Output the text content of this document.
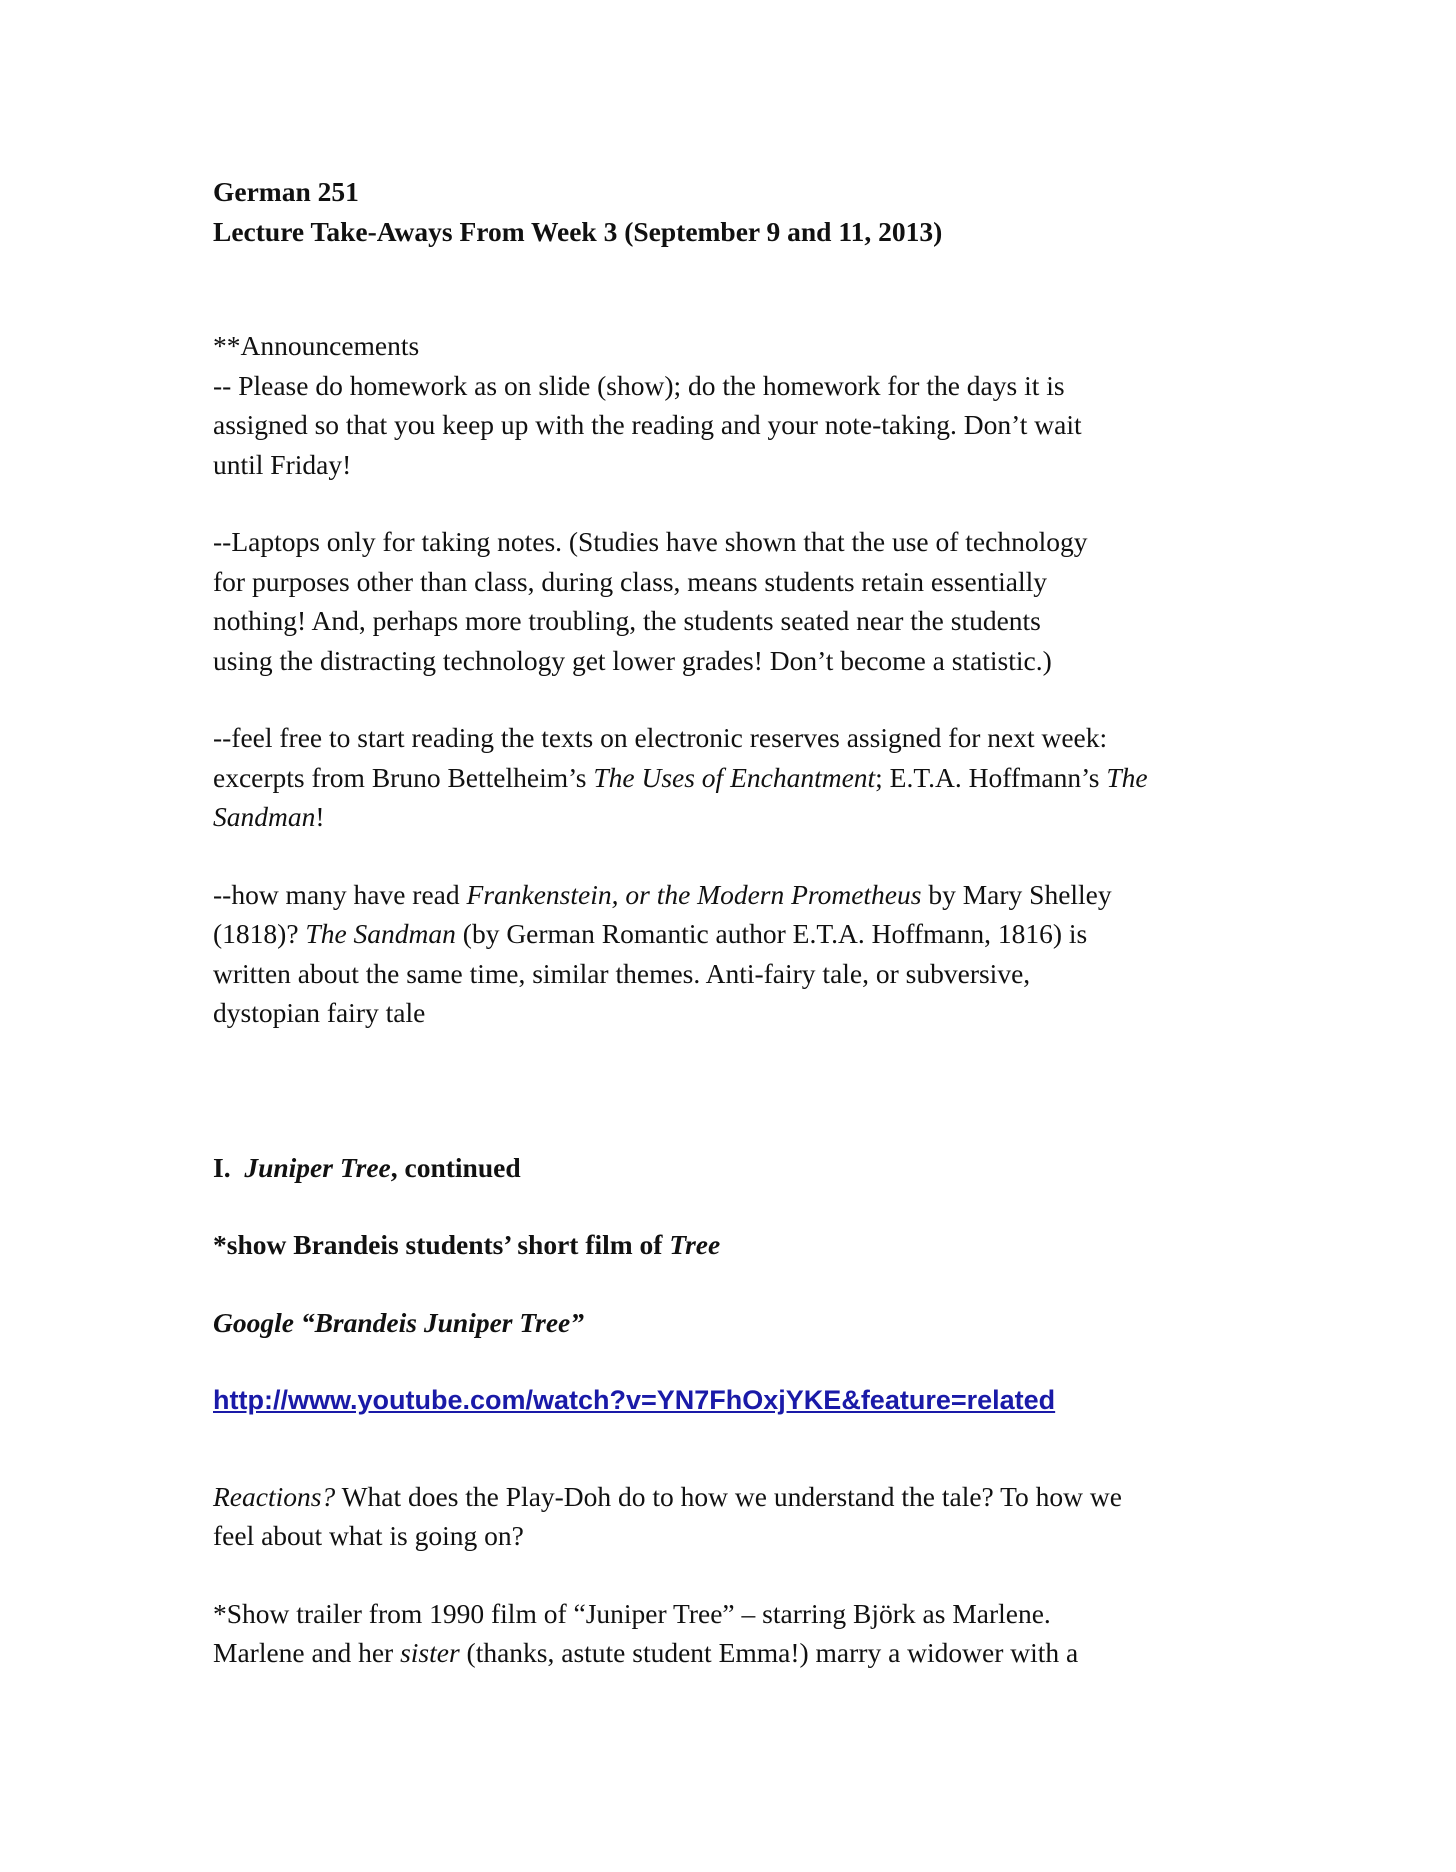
German 251

Lecture Take-Aways From Week 3 (September 9 and 11, 2013)

**Announcements

-- Please do homework as on slide (show); do the homework for the days it is

assigned so that you keep up with the reading and your note-taking. Don’t wait

until Friday!

--Laptops only for taking notes. (Studies have shown that the use of technology

for purposes other than class, during class, means students retain essentially

nothing! And, perhaps more troubling, the students seated near the students

using the distracting technology get lower grades! Don’t become a statistic.)

--feel free to start reading the texts on electronic reserves assigned for next week:

excerpts from Bruno Bettelheim’s The Uses of Enchantment; E.T.A. Hoffmann’s The

Sandman!

--how many have read Frankenstein, or the Modern Prometheus by Mary Shelley

(1818)? The Sandman (by German Romantic author E.T.A. Hoffmann, 1816) is

written about the same time, similar themes. Anti-fairy tale, or subversive,

dystopian fairy tale

I.  Juniper Tree, continued

*show Brandeis students’ short film of Tree

Google “Brandeis Juniper Tree”

http://www.youtube.com/watch?v=YN7FhOxjYKE&feature=related

Reactions? What does the Play-Doh do to how we understand the tale? To how we

feel about what is going on?

*Show trailer from 1990 film of “Juniper Tree” – starring Björk as Marlene.

Marlene and her sister (thanks, astute student Emma!) marry a widower with a
